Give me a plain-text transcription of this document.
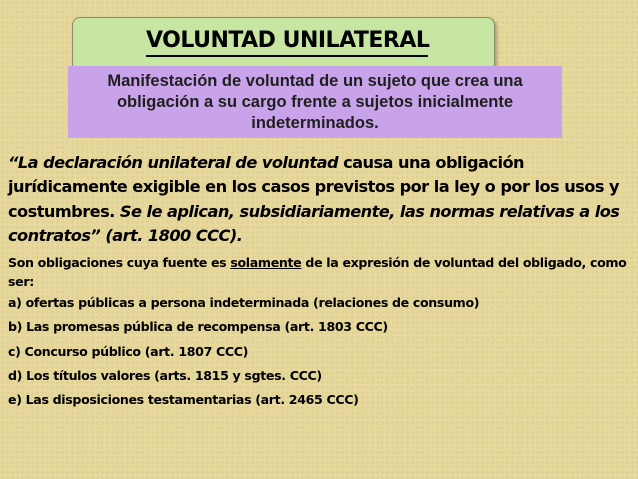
VOLUNTAD UNILATERAL
Manifestación de voluntad de un sujeto que crea una obligación a su cargo frente a sujetos inicialmente indeterminados.

“La declaración unilateral de voluntad causa una obligación jurídicamente exigible en los casos previstos por la ley o por los usos y costumbres. Se le aplican, subsidiariamente, las normas relativas a los contratos” (art. 1800 CCC).

Son obligaciones cuya fuente es solamente de la expresión de voluntad del obligado, como ser:

a) ofertas públicas a persona indeterminada (relaciones de consumo)
b) Las promesas pública de recompensa (art. 1803 CCC)
c) Concurso público (art. 1807 CCC)
d) Los títulos valores (arts. 1815 y sgtes. CCC)
e) Las disposiciones testamentarias (art. 2465 CCC)
